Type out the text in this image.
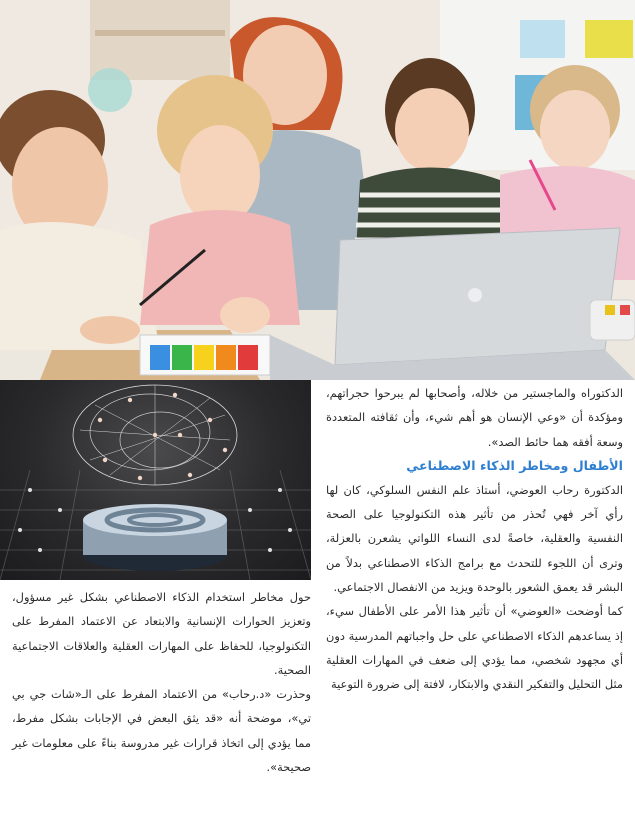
الدكتوراه والماجستير من خلاله، وأصحابها لم يبرحوا حجراتهم، ومؤكدة أن «وعي الإنسان هو أهم شيء، وأن ثقافته المتعددة وسعة أفقه هما حائط الصد».

الأطفال ومخاطر الذكاء الاصطناعي

الدكتورة رحاب العوضي، أستاذ علم النفس السلوكي، كان لها رأي آخر فهي تُحذر من تأثير هذه التكنولوجيا على الصحة النفسية والعقلية، خاصةً لدى النساء اللواتي يشعرن بالعزلة، وترى أن اللجوء للتحدث مع برامج الذكاء الاصطناعي بدلاً من البشر قد يعمق الشعور بالوحدة ويزيد من الانفصال الاجتماعي.

كما أوضحت «العوضي» أن تأثير هذا الأمر على الأطفال سيء، إذ يساعدهم الذكاء الاصطناعي على حل واجباتهم المدرسية دون أي مجهود شخصي، مما يؤدي إلى ضعف في المهارات العقلية مثل التحليل والتفكير النقدي والابتكار، لافتة إلى ضرورة التوعية

حول مخاطر استخدام الذكاء الاصطناعي بشكل غير مسؤول، وتعزيز الحوارات الإنسانية والابتعاد عن الاعتماد المفرط على التكنولوجيا، للحفاظ على المهارات العقلية والعلاقات الاجتماعية الصحية.

وحذرت «د.رحاب» من الاعتماد المفرط على الـ«شات جي بي تي»، موضحة أنه «قد يثق البعض في الإجابات بشكل مفرط، مما يؤدي إلى اتخاذ قرارات غير مدروسة بناءً على معلومات غير صحيحة».
